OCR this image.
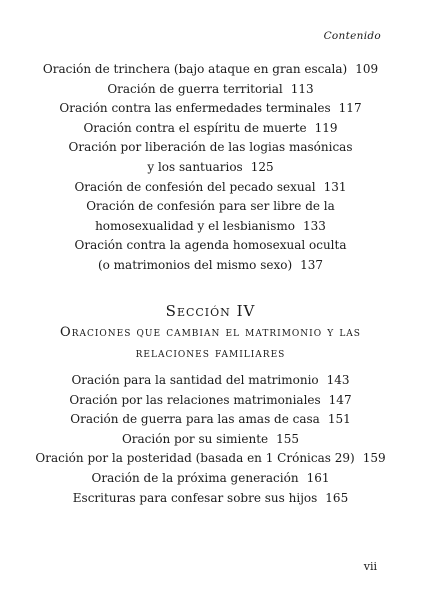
Contenido
Oración de trinchera (bajo ataque en gran escala) 109
Oración de guerra territorial 113
Oración contra las enfermedades terminales 117
Oración contra el espíritu de muerte 119
Oración por liberación de las logias masónicas
y los santuarios 125
Oración de confesión del pecado sexual 131
Oración de confesión para ser libre de la
homosexualidad y el lesbianismo 133
Oración contra la agenda homosexual oculta
(o matrimonios del mismo sexo) 137
Sección IV
Oraciones que cambian el matrimonio y las relaciones familiares
Oración para la santidad del matrimonio 143
Oración por las relaciones matrimoniales 147
Oración de guerra para las amas de casa 151
Oración por su simiente 155
Oración por la posteridad (basada en 1 Crónicas 29) 159
Oración de la próxima generación 161
Escrituras para confesar sobre sus hijos 165
vii
